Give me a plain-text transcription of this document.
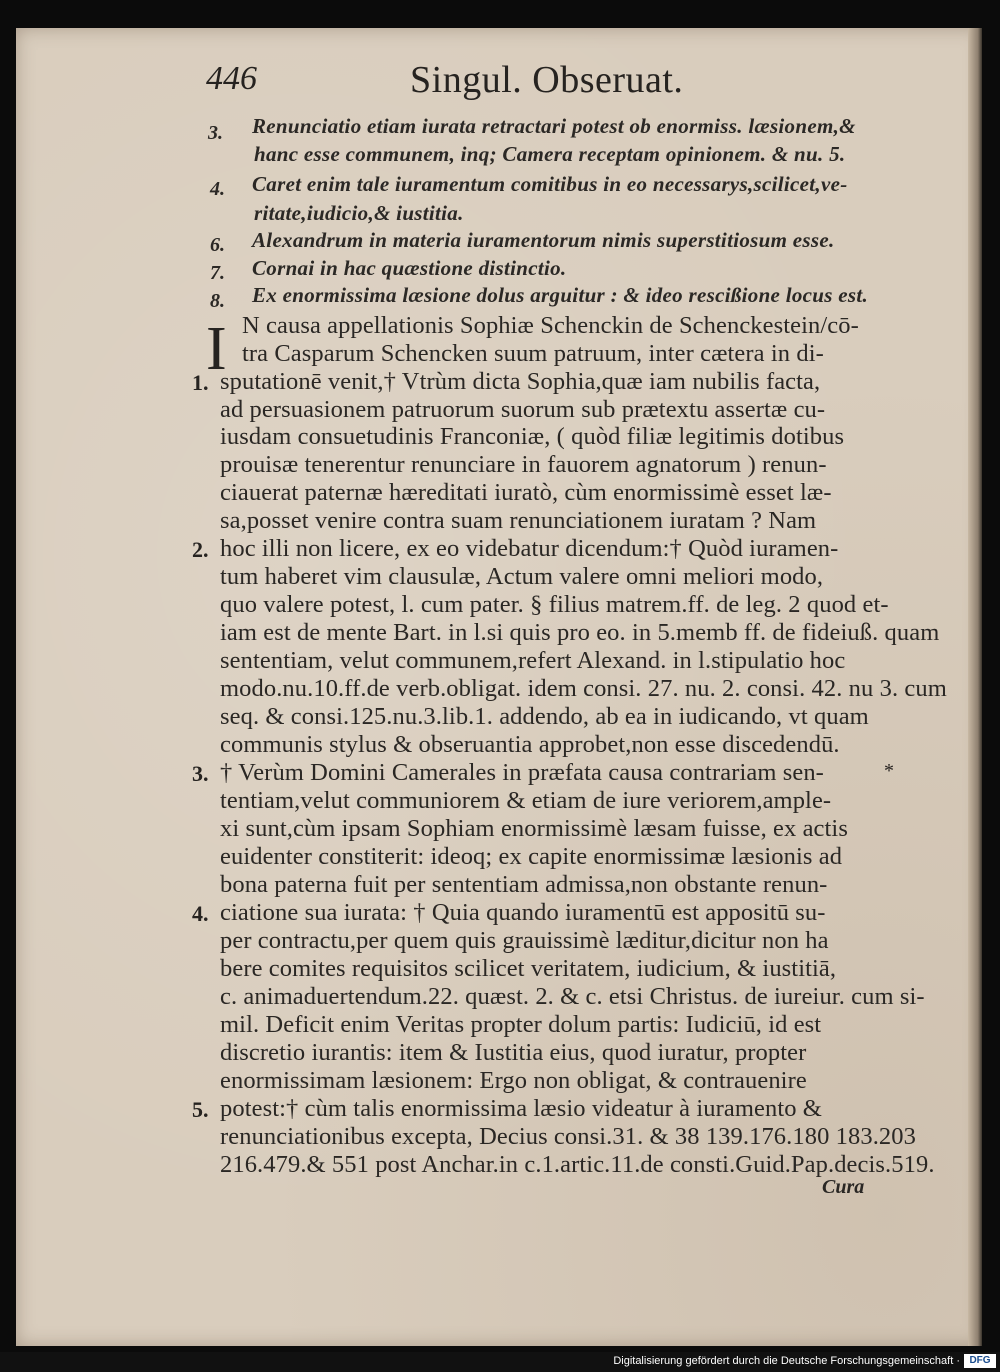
446	Singul. Obseruat.
3. Renunciatio etiam iurata retractari potest ob enormiss. læsionem,&
hanc esse communem, inq; Camera receptam opinionem. & nu. 5.
4. Caret enim tale iuramentum comitibus in eo necessarys,scilicet,ve-
ritate,iudicio,& iustitia.
6. Alexandrum in materia iuramentorum nimis superstitiosum esse.
7. Cornai in hac quæstione distinctio.
8. Ex enormissima læsione dolus arguitur : & ideo rescißione locus est.
I N causa appellationis Sophiæ Schenckin de Schenckestein/cō-
tra Casparum Schencken suum patruum, inter cætera in di-
sputationē venit,† Vtrùm dicta Sophia,quæ iam nubilis facta,
ad persuasionem patruorum suorum sub prætextu assertæ cu-
iusdam consuetudinis Franconiæ, ( quòd filiæ legitimis dotibus
prouisæ tenerentur renunciare in fauorem agnatorum ) renun-
ciauerat paternæ hæreditati iuratò, cùm enormissimè esset læ-
sa,posset venire contra suam renunciationem iuratam ? Nam
hoc illi non licere, ex eo videbatur dicendum:† Quòd iuramen-
tum haberet vim clausulæ, Actum valere omni meliori modo,
quo valere potest, l. cum pater. § filius matrem.ff. de leg. 2 quod et-
iam est de mente Bart. in l.si quis pro eo. in 5.memb ff. de fideiuß. quam
sententiam, velut communem,refert Alexand. in l.stipulatio hoc
modo.nu.10.ff.de verb.obligat. idem consi. 27. nu. 2. consi. 42. nu 3. cum
seq. & consi.125.nu.3.lib.1. addendo, ab ea in iudicando, vt quam
communis stylus & obseruantia approbet,non esse discedendū.
† Verùm Domini Camerales in præfata causa contrariam sen-
tentiam,velut communiorem & etiam de iure veriorem,ample-
xi sunt,cùm ipsam Sophiam enormissimè læsam fuisse, ex actis
euidenter constiterit: ideoq; ex capite enormissimæ læsionis ad
bona paterna fuit per sententiam admissa,non obstante renun-
ciatione sua iurata: † Quia quando iuramentū est appositū su-
per contractu,per quem quis grauissimè læditur,dicitur non ha
bere comites requisitos scilicet veritatem, iudicium, & iustitiā,
c. animaduertendum.22. quæst. 2. & c. etsi Christus. de iureiur. cum si-
mil. Deficit enim Veritas propter dolum partis: Iudiciū, id est
discretio iurantis: item & Iustitia eius, quod iuratur, propter
enormissimam læsionem: Ergo non obligat, & contrauenire
potest:† cùm talis enormissima læsio videatur à iuramento &
renunciationibus excepta, Decius consi.31. & 38 139.176.180 183.203
216.479.& 551 post Anchar.in c.1.artic.11.de consti.Guid.Pap.decis.519.
1.
2.
3.
4.
5.
*
Cura
Digitalisierung gefördert durch die Deutsche Forschungsgemeinschaft · DFG
